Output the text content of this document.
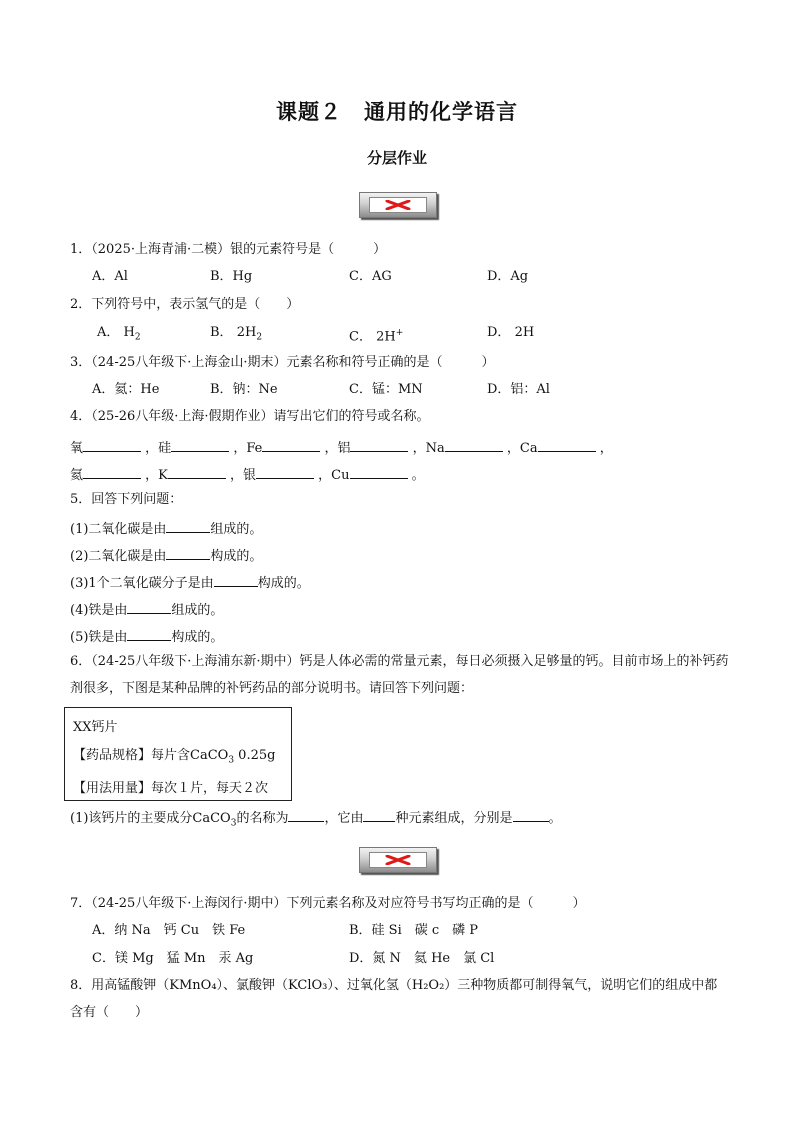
课题２　通用的化学语言
分层作业
1．（2025·上海青浦·二模）银的元素符号是（　　　）
A．Al	B．Hg	C．AG	D．Ag
2．下列符号中，表示氢气的是（　　）
A． $H_2$	B． $2H_2$	C． 2H+	D． 2H
3．（24-25八年级下·上海金山·期末）元素名称和符号正确的是（　　　）
A．氦：He	B．钠：Ne	C．锰：MN	D．铝：Al
4．（25-26八年级·上海·假期作业）请写出它们的符号或名称。
氧	，硅	，Fe	，铝	，Na	，Ca	，
氦	，K	，银	，Cu	。
5．回答下列问题：
(1)二氧化碳是由	组成的。
(2)二氧化碳是由	构成的。
(3)1个二氧化碳分子是由	构成的。
(4)铁是由	组成的。
(5)铁是由	构成的。
6．（24-25八年级下·上海浦东新·期中）钙是人体必需的常量元素，每日必须摄入足够量的钙。目前市场上的补钙药剂很多，下图是某种品牌的补钙药品的部分说明书。请回答下列问题：
XX钙片
【药品规格】每片含CaCO$_3$ 0.25g
【用法用量】每次１片，每天２次
(1)该钙片的主要成分CaCO$_3$的名称为	，它由 种元素组成，分别是	。
7．（24-25八年级下·上海闵行·期中）下列元素名称及对应符号书写均正确的是（　　　）
A．纳 Na　钙 Cu　铁 Fe	B．硅 Si　碳 c　磷 P
C．镁 Mg　猛 Mn　汞 Ag	D．氮 N　氦 He　氯 Cl
8．用高锰酸钾（KMnO₄）、氯酸钾（KClO₃）、过氧化氢（H₂O₂）三种物质都可制得氧气，说明它们的组成中都含有（　　）
